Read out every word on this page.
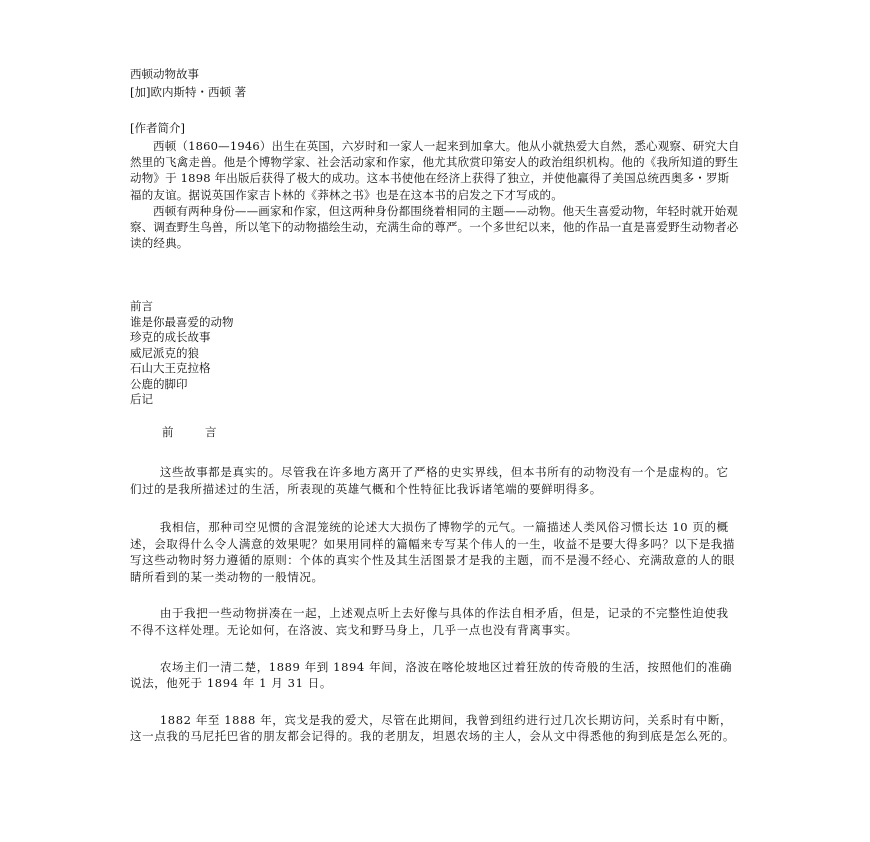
西顿动物故事
[加]欧内斯特・西顿 著
[作者简介]

西顿（1860—1946）出生在英国，六岁时和一家人一起来到加拿大。他从小就热爱大自然，悉心观察、研究大自然里的飞禽走兽。他是个博物学家、社会活动家和作家，他尤其欣赏印第安人的政治组织机构。他的《我所知道的野生动物》于 1898 年出版后获得了极大的成功。这本书使他在经济上获得了独立，并使他赢得了美国总统西奥多・罗斯福的友谊。据说英国作家吉卜林的《莽林之书》也是在这本书的启发之下才写成的。

西顿有两种身份——画家和作家，但这两种身份都围绕着相同的主题——动物。他天生喜爱动物，年轻时就开始观察、调查野生鸟兽，所以笔下的动物描绘生动，充满生命的尊严。一个多世纪以来，他的作品一直是喜爱野生动物者必读的经典。

前言
谁是你最喜爱的动物
珍克的成长故事
威尼派克的狼
石山大王克拉格
公鹿的脚印
后记
前　言

这些故事都是真实的。尽管我在许多地方离开了严格的史实界线，但本书所有的动物没有一个是虚构的。它们过的是我所描述过的生活，所表现的英雄气概和个性特征比我诉诸笔端的要鲜明得多。

我相信，那种司空见惯的含混笼统的论述大大损伤了博物学的元气。一篇描述人类风俗习惯长达 10 页的概述，会取得什么令人满意的效果呢？如果用同样的篇幅来专写某个伟人的一生，收益不是要大得多吗？以下是我描写这些动物时努力遵循的原则：个体的真实个性及其生活图景才是我的主题，而不是漫不经心、充满敌意的人的眼睛所看到的某一类动物的一般情况。

由于我把一些动物拼凑在一起，上述观点听上去好像与具体的作法自相矛盾，但是，记录的不完整性迫使我不得不这样处理。无论如何，在洛波、宾戈和野马身上，几乎一点也没有背离事实。

农场主们一清二楚，1889 年到 1894 年间，洛波在喀伦坡地区过着狂放的传奇般的生活，按照他们的准确说法，他死于 1894 年 1 月 31 日。

1882 年至 1888 年，宾戈是我的爱犬，尽管在此期间，我曾到纽约进行过几次长期访问，关系时有中断，这一点我的马尼托巴省的朋友都会记得的。我的老朋友，坦恩农场的主人，会从文中得悉他的狗到底是怎么死的。
